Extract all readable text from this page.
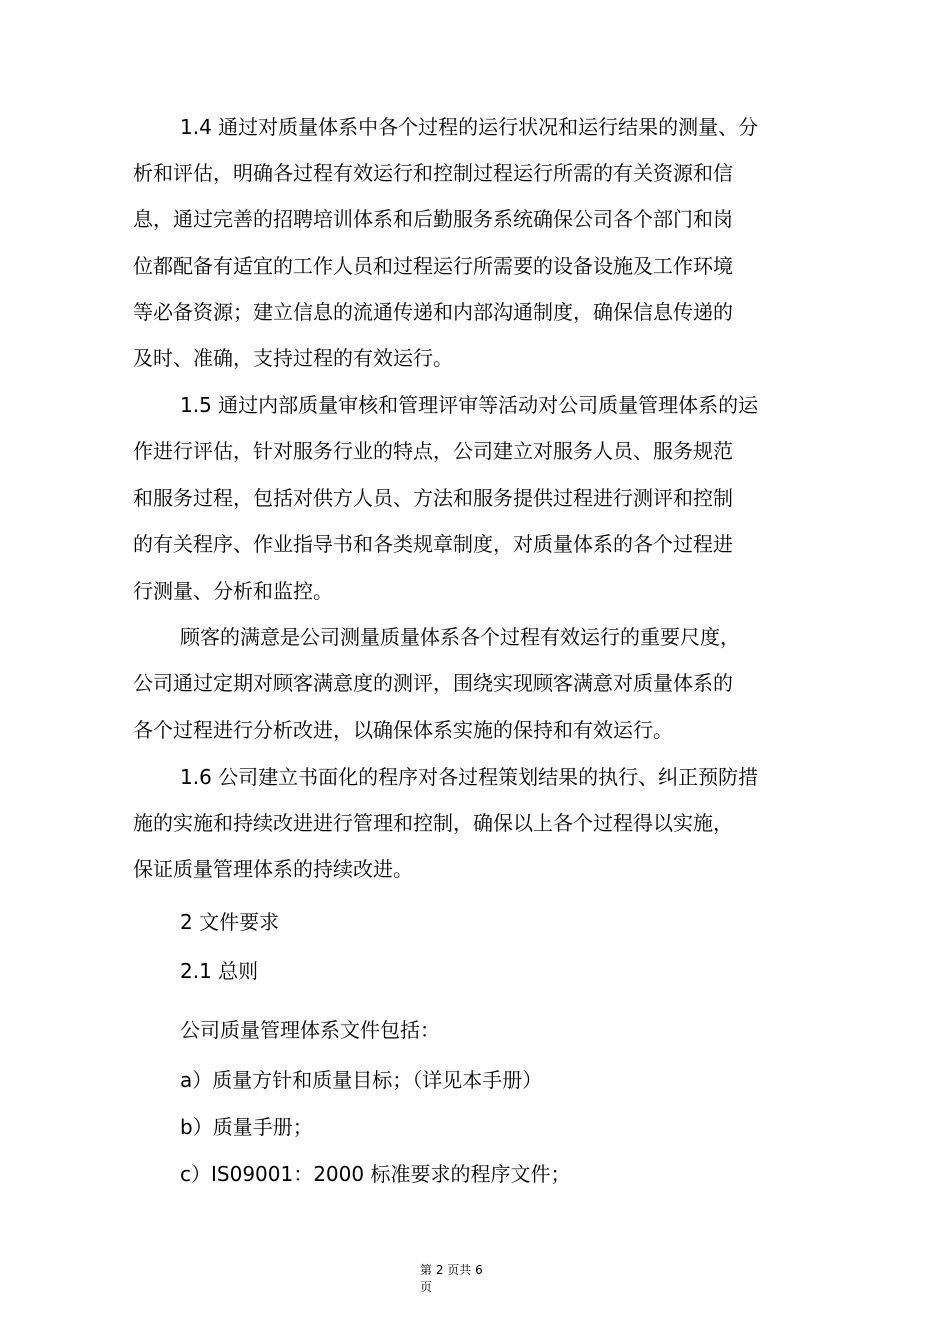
1.4 通过对质量体系中各个过程的运行状况和运行结果的测量、分
析和评估，明确各过程有效运行和控制过程运行所需的有关资源和信
息，通过完善的招聘培训体系和后勤服务系统确保公司各个部门和岗
位都配备有适宜的工作人员和过程运行所需要的设备设施及工作环境
等必备资源；建立信息的流通传递和内部沟通制度，确保信息传递的
及时、准确，支持过程的有效运行。
1.5 通过内部质量审核和管理评审等活动对公司质量管理体系的运
作进行评估，针对服务行业的特点，公司建立对服务人员、服务规范
和服务过程，包括对供方人员、方法和服务提供过程进行测评和控制
的有关程序、作业指导书和各类规章制度，对质量体系的各个过程进
行测量、分析和监控。
顾客的满意是公司测量质量体系各个过程有效运行的重要尺度，
公司通过定期对顾客满意度的测评，围绕实现顾客满意对质量体系的
各个过程进行分析改进，以确保体系实施的保持和有效运行。
1.6 公司建立书面化的程序对各过程策划结果的执行、纠正预防措
施的实施和持续改进进行管理和控制，确保以上各个过程得以实施，
保证质量管理体系的持续改进。
2 文件要求
2.1 总则
公司质量管理体系文件包括：
a）质量方针和质量目标；（详见本手册）
b）质量手册；
c）IS09001：2000 标准要求的程序文件；
第 2 页共 6
页
